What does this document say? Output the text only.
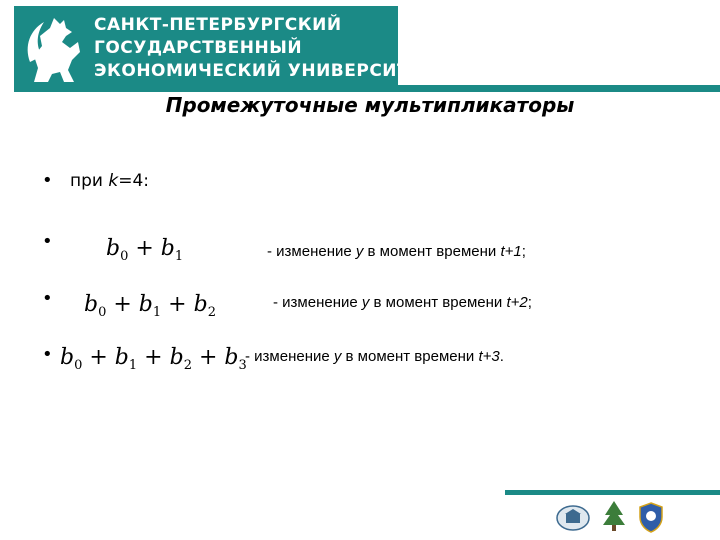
САНКТ-ПЕТЕРБУРГСКИЙ
ГОСУДАРСТВЕННЫЙ
ЭКОНОМИЧЕСКИЙ УНИВЕРСИТЕТ
Промежуточные мультипликаторы
• при k=4:
• $b_0 + b_1$	- изменение y в момент времени t+1;
• $b_0 + b_1 + b_2$
- изменение y в момент времени t+2;
• $b_0 + b_1 + b_2 + b_3$
- изменение y в момент времени t+3.
